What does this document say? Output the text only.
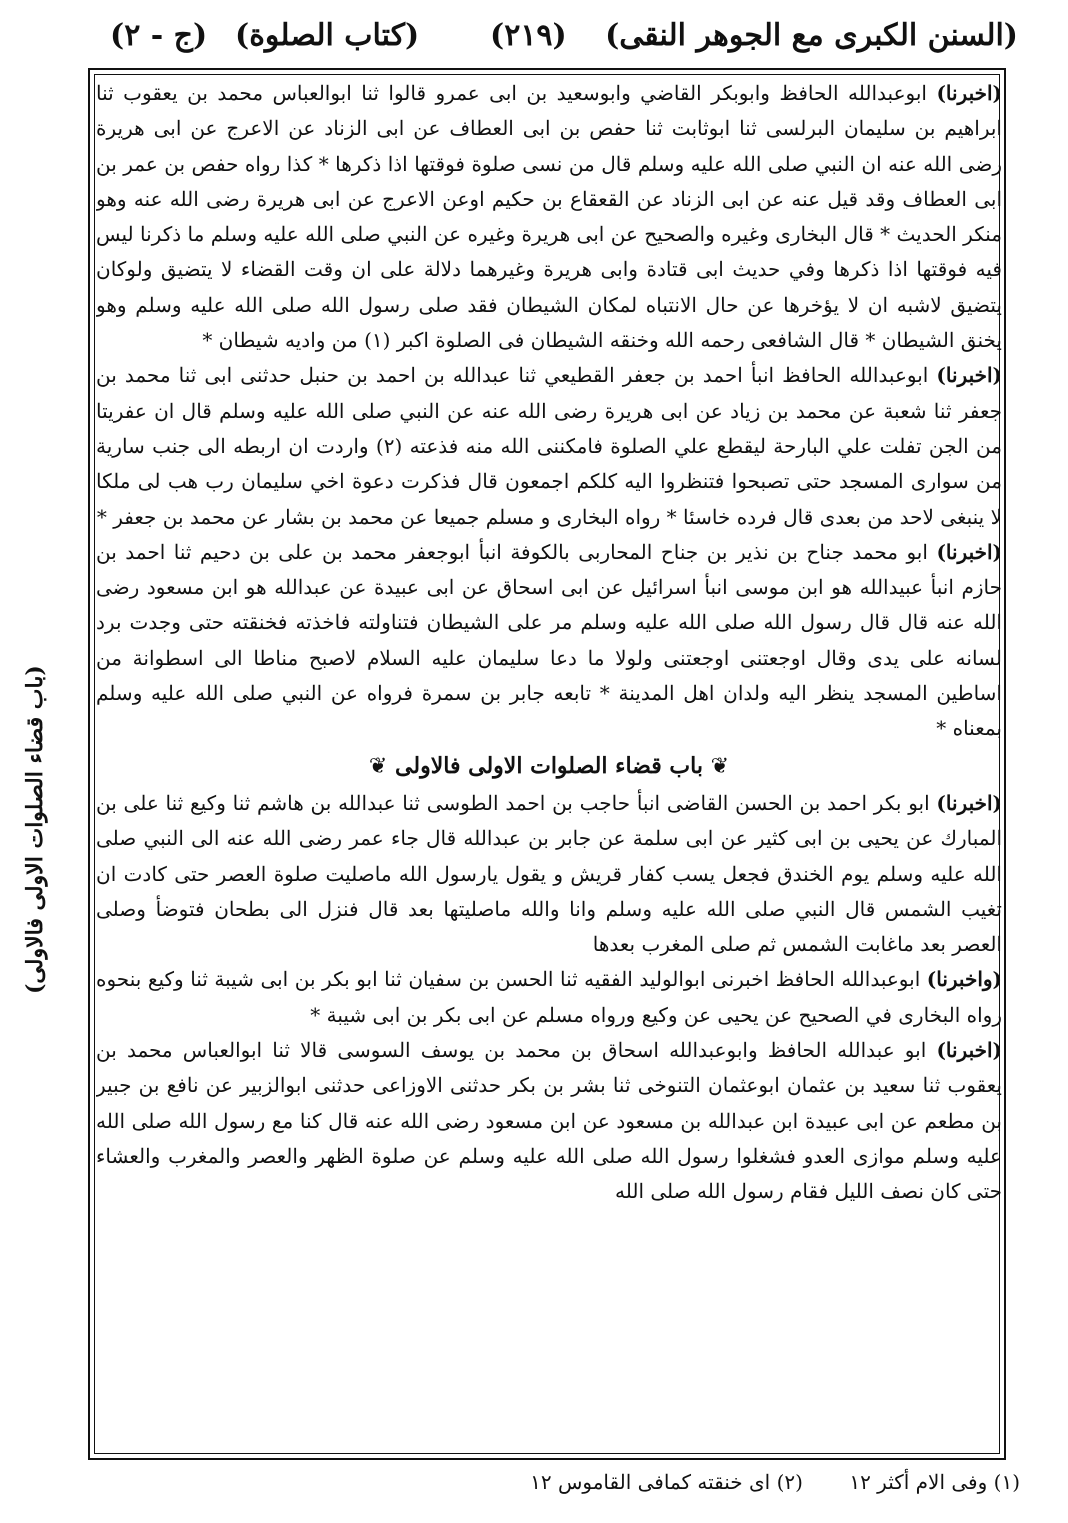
(السنن الكبرى مع الجوهر النقى)
(٢١٩)
(كتاب الصلوة)
(ج - ٢)
(باب قضاء الصلوات الاولى فالاولى)

(اخبرنا) ابوعبدالله الحافظ وابوبكر القاضي وابوسعيد بن ابى عمرو قالوا ثنا ابوالعباس محمد بن يعقوب ثنا ابراهيم بن سليمان البرلسى ثنا ابوثابت ثنا حفص بن ابى العطاف عن ابى الزناد عن الاعرج عن ابى هريرة رضى الله عنه ان النبي صلى الله عليه وسلم قال من نسى صلوة فوقتها اذا ذكرها * كذا رواه حفص بن عمر بن ابى العطاف وقد قيل عنه عن ابى الزناد عن القعقاع بن حكيم اوعن الاعرج عن ابى هريرة رضى الله عنه وهو منكر الحديث * قال البخارى وغيره والصحيح عن ابى هريرة وغيره عن النبي صلى الله عليه وسلم ما ذكرنا ليس فيه فوقتها اذا ذكرها وفي حديث ابى قتادة وابى هريرة وغيرهما دلالة على ان وقت القضاء لا يتضيق ولوكان يتضيق لاشبه ان لا يؤخرها عن حال الانتباه لمكان الشيطان فقد صلى رسول الله صلى الله عليه وسلم وهو يخنق الشيطان * قال الشافعى رحمه الله وخنقه الشيطان فى الصلوة اكبر (١) من واديه شيطان *

(اخبرنا) ابوعبدالله الحافظ انبأ احمد بن جعفر القطيعي ثنا عبدالله بن احمد بن حنبل حدثنى ابى ثنا محمد بن جعفر ثنا شعبة عن محمد بن زياد عن ابى هريرة رضى الله عنه عن النبي صلى الله عليه وسلم قال ان عفريتا من الجن تفلت علي البارحة ليقطع علي الصلوة فامكننى الله منه فذعته (٢) واردت ان اربطه الى جنب سارية من سوارى المسجد حتى تصبحوا فتنظروا اليه كلكم اجمعون قال فذكرت دعوة اخي سليمان رب هب لى ملكا لا ينبغى لاحد من بعدى قال فرده خاسئا * رواه البخارى و مسلم جميعا عن محمد بن بشار عن محمد بن جعفر *

(اخبرنا) ابو محمد جناح بن نذير بن جناح المحاربى بالكوفة انبأ ابوجعفر محمد بن على بن دحيم ثنا احمد بن حازم انبأ عبيدالله هو ابن موسى انبأ اسرائيل عن ابى اسحاق عن ابى عبيدة عن عبدالله هو ابن مسعود رضى الله عنه قال قال رسول الله صلى الله عليه وسلم مر على الشيطان فتناولته فاخذته فخنقته حتى وجدت برد لسانه على يدى وقال اوجعتنى اوجعتنى ولولا ما دعا سليمان عليه السلام لاصبح مناطا الى اسطوانة من اساطين المسجد ينظر اليه ولدان اهل المدينة * تابعه جابر بن سمرة فرواه عن النبي صلى الله عليه وسلم بمعناه *

❦ باب قضاء الصلوات الاولى فالاولى ❦

(اخبرنا) ابو بكر احمد بن الحسن القاضى انبأ حاجب بن احمد الطوسى ثنا عبدالله بن هاشم ثنا وكيع ثنا على بن المبارك عن يحيى بن ابى كثير عن ابى سلمة عن جابر بن عبدالله قال جاء عمر رضى الله عنه الى النبي صلى الله عليه وسلم يوم الخندق فجعل يسب كفار قريش و يقول يارسول الله ماصليت صلوة العصر حتى كادت ان تغيب الشمس قال النبي صلى الله عليه وسلم وانا والله ماصليتها بعد قال فنزل الى بطحان فتوضأ وصلى العصر بعد ماغابت الشمس ثم صلى المغرب بعدها

(واخبرنا) ابوعبدالله الحافظ اخبرنى ابوالوليد الفقيه ثنا الحسن بن سفيان ثنا ابو بكر بن ابى شيبة ثنا وكيع بنحوه رواه البخارى في الصحيح عن يحيى عن وكيع ورواه مسلم عن ابى بكر بن ابى شيبة *

(اخبرنا) ابو عبدالله الحافظ وابوعبدالله اسحاق بن محمد بن يوسف السوسى قالا ثنا ابوالعباس محمد بن يعقوب ثنا سعيد بن عثمان ابوعثمان التنوخى ثنا بشر بن بكر حدثنى الاوزاعى حدثنى ابوالزبير عن نافع بن جبير بن مطعم عن ابى عبيدة ابن عبدالله بن مسعود عن ابن مسعود رضى الله عنه قال كنا مع رسول الله صلى الله عليه وسلم موازى العدو فشغلوا رسول الله صلى الله عليه وسلم عن صلوة الظهر والعصر والمغرب والعشاء حتى كان نصف الليل فقام رسول الله صلى الله

(١) وفى الام أكثر ١٢ (٢) اى خنقته كمافى القاموس ١٢
